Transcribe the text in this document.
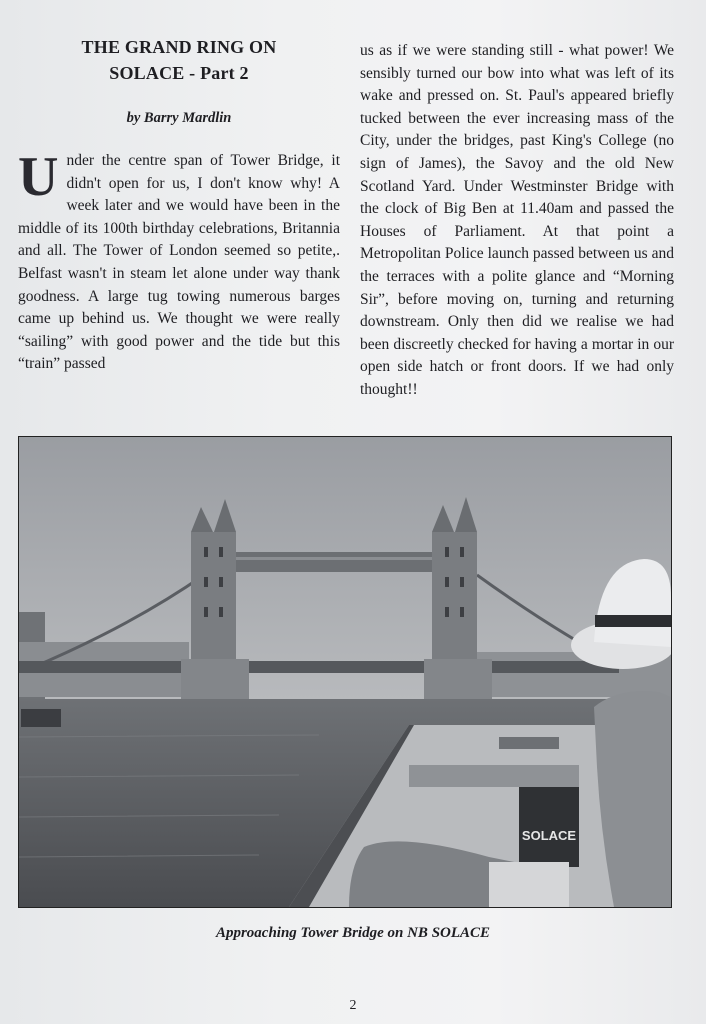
THE GRAND RING ON
SOLACE - Part 2

by Barry Mardlin

Under the centre span of Tower Bridge, it didn't open for us, I don't know why! A week later and we would have been in the middle of its 100th birthday celebrations, Britannia and all. The Tower of London seemed so petite,. Belfast wasn't in steam let alone under way thank goodness. A large tug towing numerous barges came up behind us. We thought we were really “sailing” with good power and the tide but this “train” passed

us as if we were standing still - what power! We sensibly turned our bow into what was left of its wake and pressed on. St. Paul's appeared briefly tucked between the ever increasing mass of the City, under the bridges, past King's College (no sign of James), the Savoy and the old New Scotland Yard. Under Westminster Bridge with the clock of Big Ben at 11.40am and passed the Houses of Parliament. At that point a Metropolitan Police launch passed between us and the terraces with a polite glance and “Morning Sir”, before moving on, turning and returning downstream. Only then did we realise we had been discreetly checked for having a mortar in our open side hatch or front doors. If we had only thought!!

SOLACE

Approaching Tower Bridge on NB SOLACE

2
